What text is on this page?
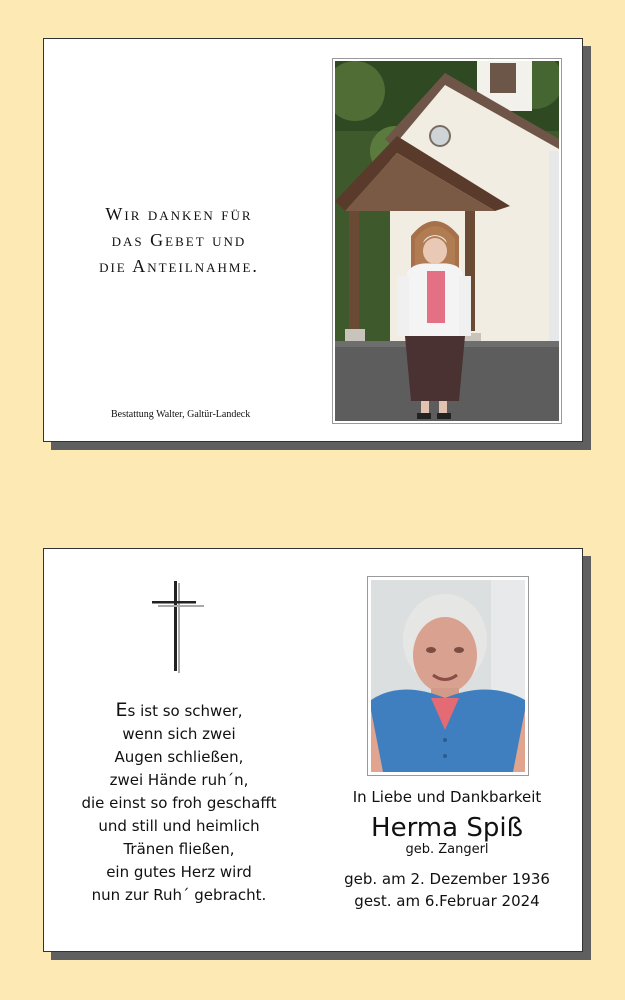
Wir danken für
das Gebet und
die Anteilnahme.
Bestattung Walter, Galtür-Landeck
Es ist so schwer,
wenn sich zwei
Augen schließen,
zwei Hände ruh´n,
die einst so froh geschafft
und still und heimlich
Tränen fließen,
ein gutes Herz wird
nun zur Ruh´ gebracht.
In Liebe und Dankbarkeit
Herma Spiß
geb. Zangerl
geb. am 2. Dezember 1936
gest. am 6.Februar 2024
